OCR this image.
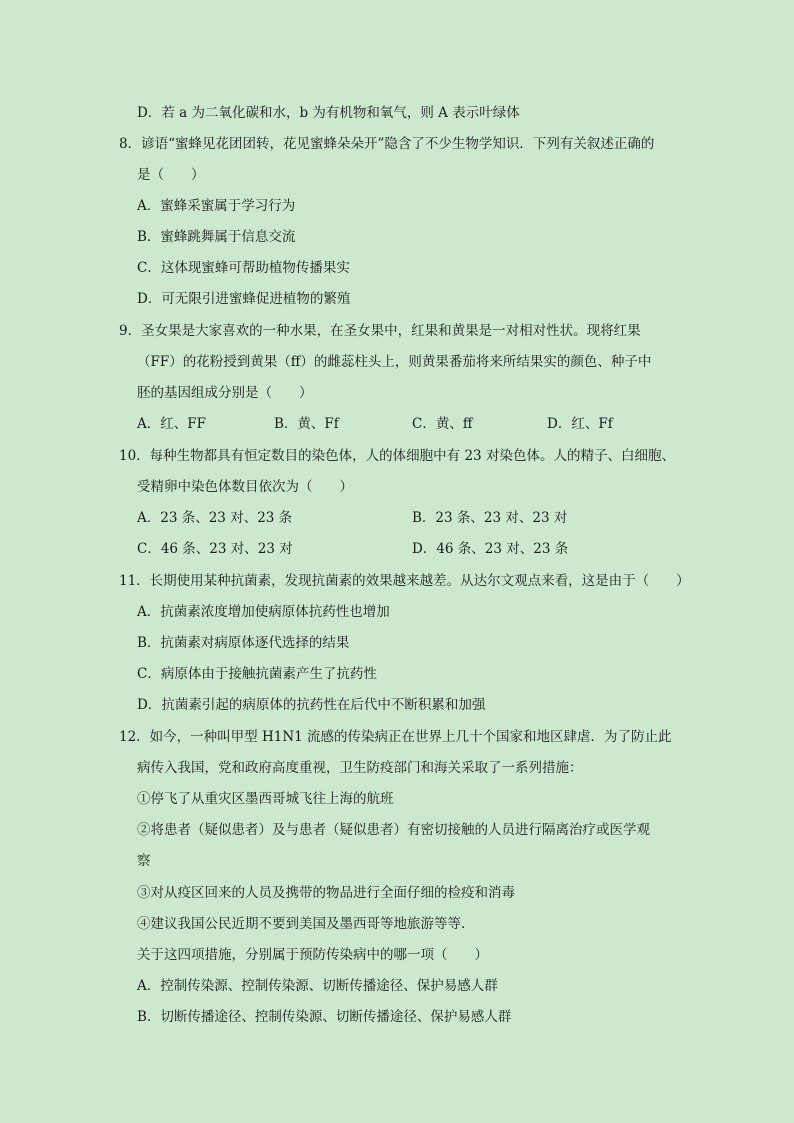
D．若 a 为二氧化碳和水，b 为有机物和氧气，则 A 表示叶绿体
8．谚语“蜜蜂见花团团转，花见蜜蜂朵朵开”隐含了不少生物学知识．下列有关叙述正确的
是（　　）
A．蜜蜂采蜜属于学习行为
B．蜜蜂跳舞属于信息交流
C．这体现蜜蜂可帮助植物传播果实
D．可无限引进蜜蜂促进植物的繁殖
9．圣女果是大家喜欢的一种水果，在圣女果中，红果和黄果是一对相对性状。现将红果
（FF）的花粉授到黄果（ff）的雌蕊柱头上，则黄果番茄将来所结果实的颜色、种子中
胚的基因组成分别是（　　）
A．红、FF	B．黄、Ff	C．黄、ff	D．红、Ff
10．每种生物都具有恒定数目的染色体，人的体细胞中有 23 对染色体。人的精子、白细胞、
受精卵中染色体数目依次为（　　）
A．23 条、23 对、23 条	B．23 条、23 对、23 对
C．46 条、23 对、23 对	D．46 条、23 对、23 条
11．长期使用某种抗菌素，发现抗菌素的效果越来越差。从达尔文观点来看，这是由于（　　）
A．抗菌素浓度增加使病原体抗药性也增加
B．抗菌素对病原体逐代选择的结果
C．病原体由于接触抗菌素产生了抗药性
D．抗菌素引起的病原体的抗药性在后代中不断积累和加强
12．如今，一种叫甲型 H1N1 流感的传染病正在世界上几十个国家和地区肆虐．为了防止此
病传入我国，党和政府高度重视，卫生防疫部门和海关采取了一系列措施：
①停飞了从重灾区墨西哥城飞往上海的航班
②将患者（疑似患者）及与患者（疑似患者）有密切接触的人员进行隔离治疗或医学观
察
③对从疫区回来的人员及携带的物品进行全面仔细的检疫和消毒
④建议我国公民近期不要到美国及墨西哥等地旅游等等．
关于这四项措施，分别属于预防传染病中的哪一项（　　）
A．控制传染源、控制传染源、切断传播途径、保护易感人群
B．切断传播途径、控制传染源、切断传播途径、保护易感人群
